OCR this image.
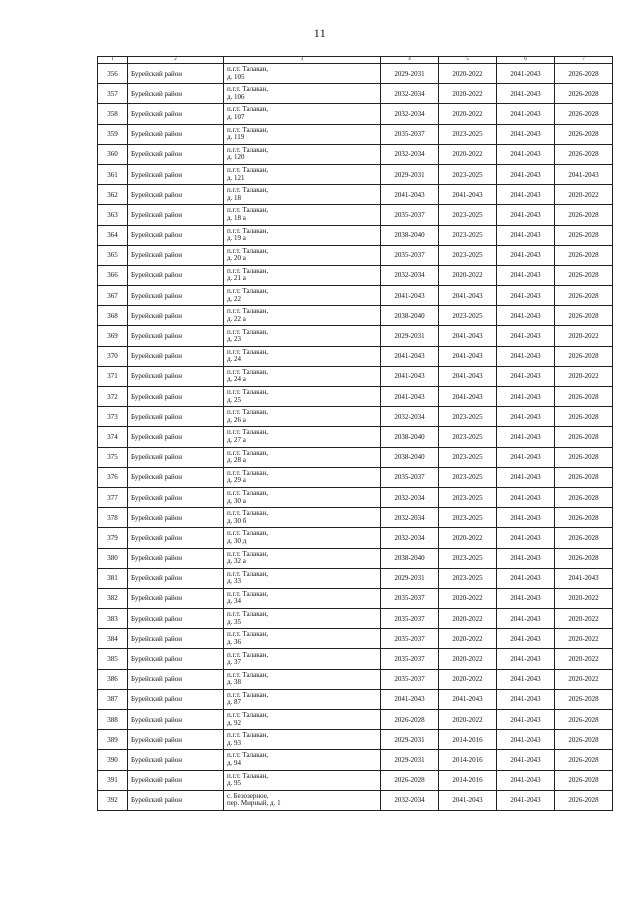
11
1	2	3	4	5	6	7
356	Бурейский район	п.г.т. Талакан,
д. 105	2029-2031	2020-2022	2041-2043	2026-2028
357	Бурейский район	п.г.т. Талакан,
д. 106	2032-2034	2020-2022	2041-2043	2026-2028
358	Бурейский район	п.г.т. Талакан,
д. 107	2032-2034	2020-2022	2041-2043	2026-2028
359	Бурейский район	п.г.т. Талакан,
д. 119	2035-2037	2023-2025	2041-2043	2026-2028
360	Бурейский район	п.г.т. Талакан,
д. 120	2032-2034	2020-2022	2041-2043	2026-2028
361	Бурейский район	п.г.т. Талакан,
д. 121	2029-2031	2023-2025	2041-2043	2041-2043
362	Бурейский район	п.г.т. Талакан,
д. 18	2041-2043	2041-2043	2041-2043	2020-2022
363	Бурейский район	п.г.т. Талакан,
д. 18 а	2035-2037	2023-2025	2041-2043	2026-2028
364	Бурейский район	п.г.т. Талакан,
д. 19 а	2038-2040	2023-2025	2041-2043	2026-2028
365	Бурейский район	п.г.т. Талакан,
д. 20 а	2035-2037	2023-2025	2041-2043	2026-2028
366	Бурейский район	п.г.т. Талакан,
д. 21 а	2032-2034	2020-2022	2041-2043	2026-2028
367	Бурейский район	п.г.т. Талакан,
д. 22	2041-2043	2041-2043	2041-2043	2026-2028
368	Бурейский район	п.г.т. Талакан,
д. 22 а	2038-2040	2023-2025	2041-2043	2026-2028
369	Бурейский район	п.г.т. Талакан,
д. 23	2029-2031	2041-2043	2041-2043	2020-2022
370	Бурейский район	п.г.т. Талакан,
д. 24	2041-2043	2041-2043	2041-2043	2026-2028
371	Бурейский район	п.г.т. Талакан,
д. 24 а	2041-2043	2041-2043	2041-2043	2020-2022
372	Бурейский район	п.г.т. Талакан,
д. 25	2041-2043	2041-2043	2041-2043	2026-2028
373	Бурейский район	п.г.т. Талакан,
д. 26 а	2032-2034	2023-2025	2041-2043	2026-2028
374	Бурейский район	п.г.т. Талакан,
д. 27 а	2038-2040	2023-2025	2041-2043	2026-2028
375	Бурейский район	п.г.т. Талакан,
д. 28 а	2038-2040	2023-2025	2041-2043	2026-2028
376	Бурейский район	п.г.т. Талакан,
д. 29 а	2035-2037	2023-2025	2041-2043	2026-2028
377	Бурейский район	п.г.т. Талакан,
д. 30 а	2032-2034	2023-2025	2041-2043	2026-2028
378	Бурейский район	п.г.т. Талакан,
д. 30 б	2032-2034	2023-2025	2041-2043	2026-2028
379	Бурейский район	п.г.т. Талакан,
д. 30 д	2032-2034	2020-2022	2041-2043	2026-2028
380	Бурейский район	п.г.т. Талакан,
д. 32 а	2038-2040	2023-2025	2041-2043	2026-2028
381	Бурейский район	п.г.т. Талакан,
д. 33	2029-2031	2023-2025	2041-2043	2041-2043
382	Бурейский район	п.г.т. Талакан,
д. 34	2035-2037	2020-2022	2041-2043	2020-2022
383	Бурейский район	п.г.т. Талакан,
д. 35	2035-2037	2020-2022	2041-2043	2020-2022
384	Бурейский район	п.г.т. Талакан,
д. 36	2035-2037	2020-2022	2041-2043	2020-2022
385	Бурейский район	п.г.т. Талакан,
д. 37	2035-2037	2020-2022	2041-2043	2020-2022
386	Бурейский район	п.г.т. Талакан,
д. 38	2035-2037	2020-2022	2041-2043	2020-2022
387	Бурейский район	п.г.т. Талакан,
д. 87	2041-2043	2041-2043	2041-2043	2026-2028
388	Бурейский район	п.г.т. Талакан,
д. 92	2026-2028	2020-2022	2041-2043	2026-2028
389	Бурейский район	п.г.т. Талакан,
д. 93	2029-2031	2014-2016	2041-2043	2026-2028
390	Бурейский район	п.г.т. Талакан,
д. 94	2029-2031	2014-2016	2041-2043	2026-2028
391	Бурейский район	п.г.т. Талакан,
д. 95	2026-2028	2014-2016	2041-2043	2026-2028
392	Бурейский район	с. Безозерное,
пер. Мирный, д. 1	2032-2034	2041-2043	2041-2043	2026-2028
